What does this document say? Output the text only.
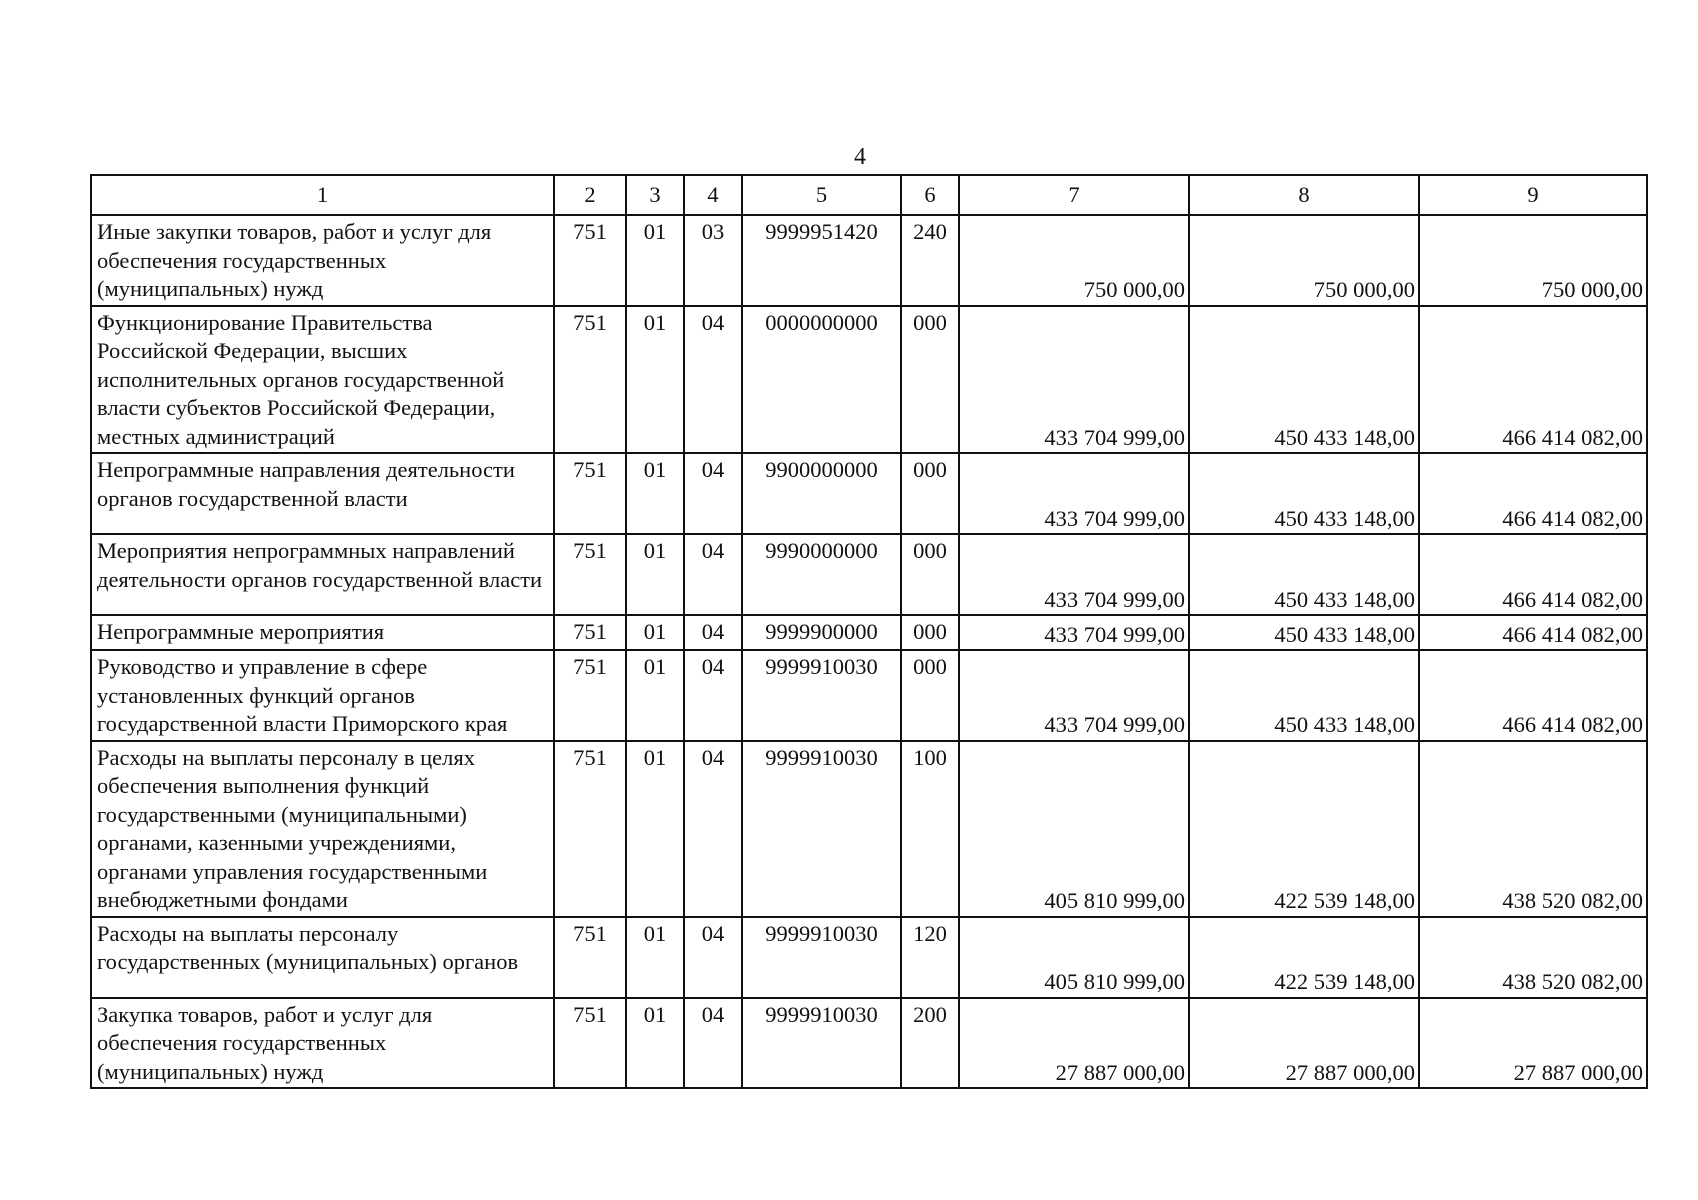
4
1	2	3	4	5	6	7	8	9
Иные закупки товаров, работ и услуг для обеспечения государственных (муниципальных) нужд	751	01	03	9999951420	240	750 000,00	750 000,00	750 000,00
Функционирование Правительства Российской Федерации, высших исполнительных органов государственной власти субъектов Российской Федерации, местных администраций	751	01	04	0000000000	000	433 704 999,00	450 433 148,00	466 414 082,00
Непрограммные направления деятельности органов государственной власти	751	01	04	9900000000	000	433 704 999,00	450 433 148,00	466 414 082,00
Мероприятия непрограммных направлений деятельности органов государственной власти	751	01	04	9990000000	000	433 704 999,00	450 433 148,00	466 414 082,00
Непрограммные мероприятия	751	01	04	9999900000	000	433 704 999,00	450 433 148,00	466 414 082,00
Руководство и управление в сфере установленных функций органов государственной власти Приморского края	751	01	04	9999910030	000	433 704 999,00	450 433 148,00	466 414 082,00
Расходы на выплаты персоналу в целях обеспечения выполнения функций государственными (муниципальными) органами, казенными учреждениями, органами управления государственными внебюджетными фондами	751	01	04	9999910030	100	405 810 999,00	422 539 148,00	438 520 082,00
Расходы на выплаты персоналу государственных (муниципальных) органов	751	01	04	9999910030	120	405 810 999,00	422 539 148,00	438 520 082,00
Закупка товаров, работ и услуг для обеспечения государственных (муниципальных) нужд	751	01	04	9999910030	200	27 887 000,00	27 887 000,00	27 887 000,00
